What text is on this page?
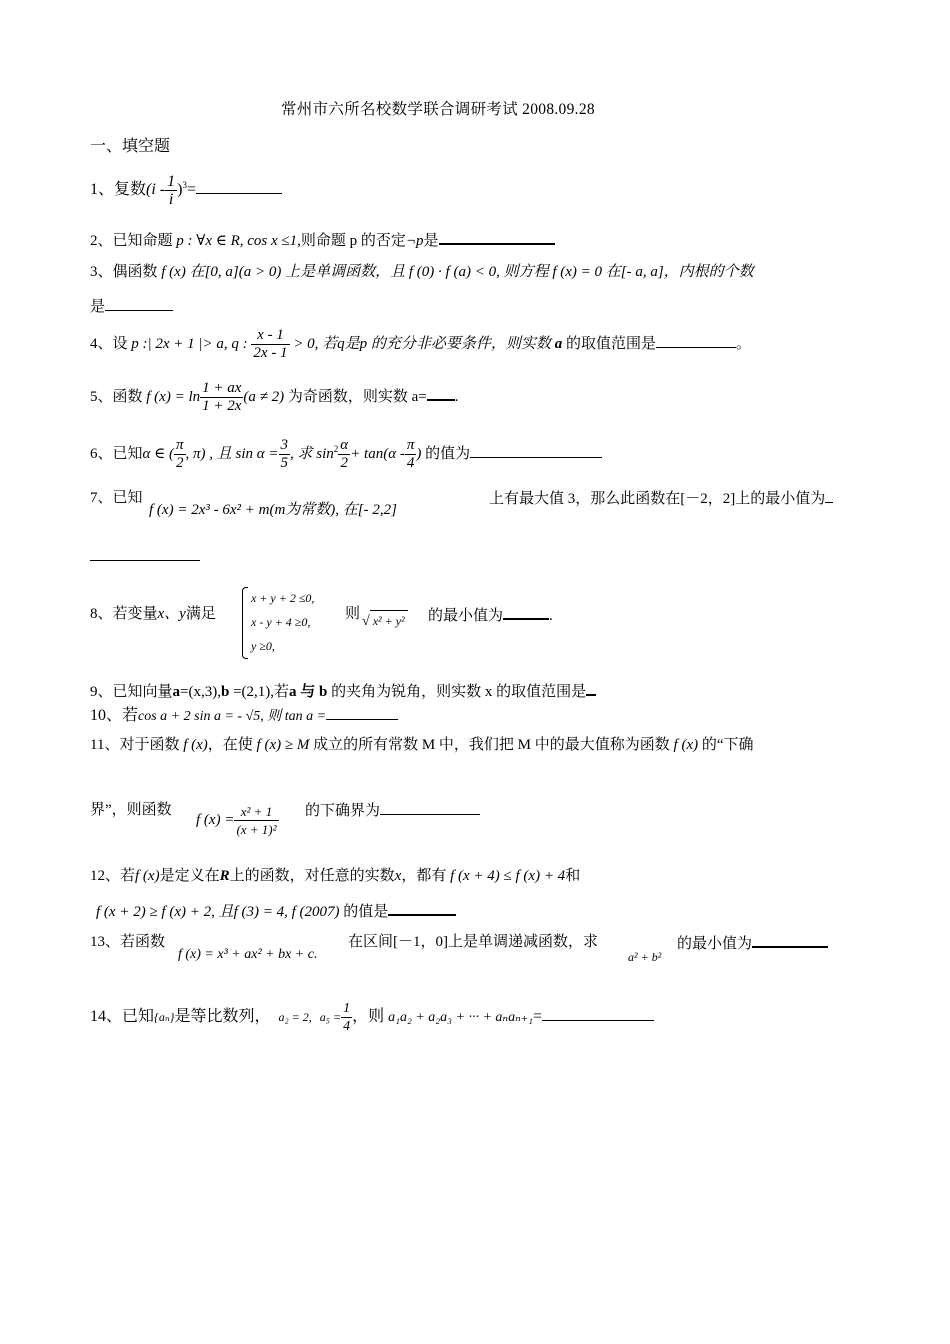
常州市六所名校数学联合调研考试 2008.09.28
一、填空题
1、复数$(i - \frac{1}{i} )^3=$
2、已知命题 p : ∀x ∈ R, cos x ≤1,则命题 p 的否定¬p是
3、偶函数 f (x) 在[0, a](a > 0) 上是单调函数，且 f (0) · f (a) < 0, 则方程 f (x) = 0 在[- a, a]，内根的个数
是
4、设 p :| 2x + 1 |> a, q : $\frac{x - 1}{2x - 1} > 0$, 若q是p 的充分非必要条件，则实数 a 的取值范围是	。
5、函数 f $(x) = \ln \frac{1 + ax}{1 + 2x} (a \ne 2)$ 为奇函数，则实数 a= .
6、已知α ∈ ( $\frac{\pi}{2}$ , π) , 且 $\sin \alpha = \frac{3}{5}$ , 求 $\sin^2 \frac{\alpha}{2} + \tan(\alpha - \frac{\pi}{4}$ ) 的值为
7、已知
f (x) = 2x³ - 6x² + m(m为常数), 在[- 2,2]
上有最大值 3，那么此函数在[－2，2]上的最小值为
8、若变量x、y满足
x + y + 2 ≤0,
x - y + 4 ≥0,
y ≥0,
则 √ x² + y² 的最小值为	.
9、已知向量a=(x,3),b =(2,1),若a 与 b 的夹角为锐角，则实数 x 的取值范围是
10、若cos a + 2 sin a = - √5, 则 tan a =
11、对于函数 f (x)，在使 f (x) ≥ M 成立的所有常数 M 中，我们把 M 中的最大值称为函数 f (x) 的“下确
界”，则函数
f $(x) = \frac{\text{x² + 1}}{\text{(x + 1)²}}$ 的下确界为
12、若f (x)是定义在R上的函数，对任意的实数x，都有 f (x + 4) ≤ f (x) + 4和
f (x + 2) ≥ f (x) + 2, 且f (3) = 4, f (2007) 的值是
13、若函数
f (x) = x³ + ax² + bx + c.
在区间[－1，0]上是单调递减函数，求
a² + b²
的最小值为
14、已知{aₙ}是等比数列， a₂ = 2, $a_5 = \frac{1}{4}$ ，则 a₁a₂ + a₂a₃ + ··· + aₙaₙ₊₁=
